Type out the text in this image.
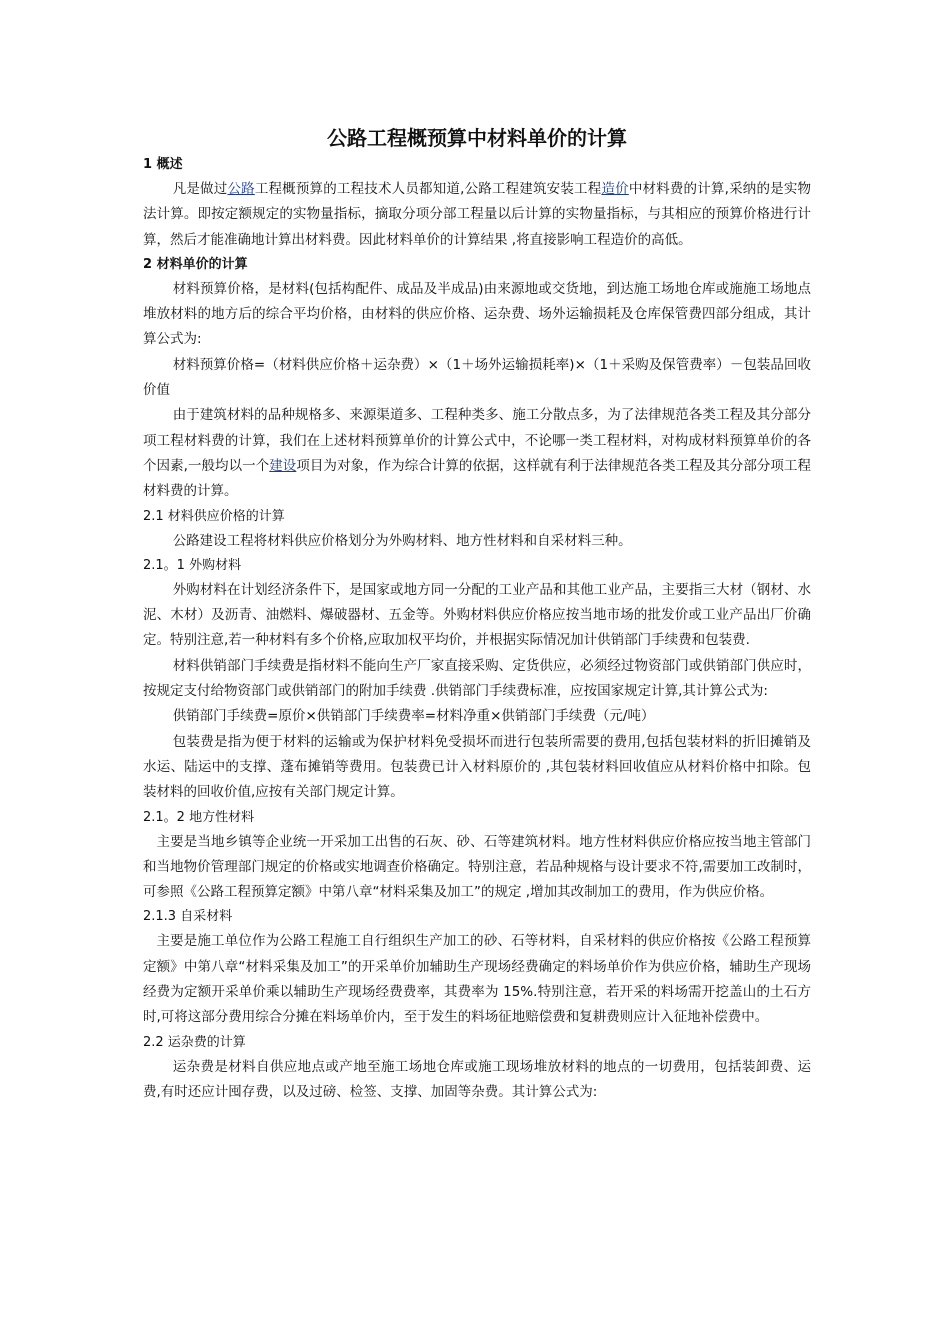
公路工程概预算中材料单价的计算
1 概述

凡是做过公路工程概预算的工程技术人员都知道,公路工程建筑安装工程造价中材料费的计算,采纳的是实物法计算。即按定额规定的实物量指标，摘取分项分部工程量以后计算的实物量指标，与其相应的预算价格进行计算，然后才能准确地计算出材料费。因此材料单价的计算结果 ,将直接影响工程造价的高低。

2 材料单价的计算

材料预算价格，是材料(包括构配件、成品及半成品)由来源地或交货地，到达施工场地仓库或施施工场地点堆放材料的地方后的综合平均价格，由材料的供应价格、运杂费、场外运输损耗及仓库保管费四部分组成，其计算公式为:

材料预算价格=（材料供应价格＋运杂费）×（1＋场外运输损耗率)×（1＋采购及保管费率）－包装品回收价值

由于建筑材料的品种规格多、来源渠道多、工程种类多、施工分散点多，为了法律规范各类工程及其分部分项工程材料费的计算，我们在上述材料预算单价的计算公式中，不论哪一类工程材料，对构成材料预算单价的各个因素,一般均以一个建设项目为对象，作为综合计算的依据，这样就有利于法律规范各类工程及其分部分项工程材料费的计算。

2.1 材料供应价格的计算

公路建设工程将材料供应价格划分为外购材料、地方性材料和自采材料三种。

2.1。1 外购材料

外购材料在计划经济条件下，是国家或地方同一分配的工业产品和其他工业产品，主要指三大材（钢材、水泥、木材）及沥青、油燃料、爆破器材、五金等。外购材料供应价格应按当地市场的批发价或工业产品出厂价确定。特别注意,若一种材料有多个价格,应取加权平均价，并根据实际情况加计供销部门手续费和包装费.

材料供销部门手续费是指材料不能向生产厂家直接采购、定货供应，必须经过物资部门或供销部门供应时，按规定支付给物资部门或供销部门的附加手续费 .供销部门手续费标准，应按国家规定计算,其计算公式为:

供销部门手续费=原价×供销部门手续费率=材料净重×供销部门手续费（元/吨）

包装费是指为便于材料的运输或为保护材料免受损坏而进行包装所需要的费用,包括包装材料的折旧摊销及水运、陆运中的支撑、蓬布摊销等费用。包装费已计入材料原价的 ,其包装材料回收值应从材料价格中扣除。包装材料的回收价值,应按有关部门规定计算。

2.1。2 地方性材料

主要是当地乡镇等企业统一开采加工出售的石灰、砂、石等建筑材料。地方性材料供应价格应按当地主管部门和当地物价管理部门规定的价格或实地调查价格确定。特别注意，若品种规格与设计要求不符,需要加工改制时，可参照《公路工程预算定额》中第八章“材料采集及加工”的规定 ,增加其改制加工的费用，作为供应价格。

2.1.3 自采材料

主要是施工单位作为公路工程施工自行组织生产加工的砂、石等材料，自采材料的供应价格按《公路工程预算定额》中第八章“材料采集及加工”的开采单价加辅助生产现场经费确定的料场单价作为供应价格，辅助生产现场经费为定额开采单价乘以辅助生产现场经费费率，其费率为 15%.特别注意，若开采的料场需开挖盖山的土石方时,可将这部分费用综合分摊在料场单价内，至于发生的料场征地赔偿费和复耕费则应计入征地补偿费中。

2.2 运杂费的计算

运杂费是材料自供应地点或产地至施工场地仓库或施工现场堆放材料的地点的一切费用，包括装卸费、运费,有时还应计囤存费，以及过磅、检签、支撑、加固等杂费。其计算公式为:
